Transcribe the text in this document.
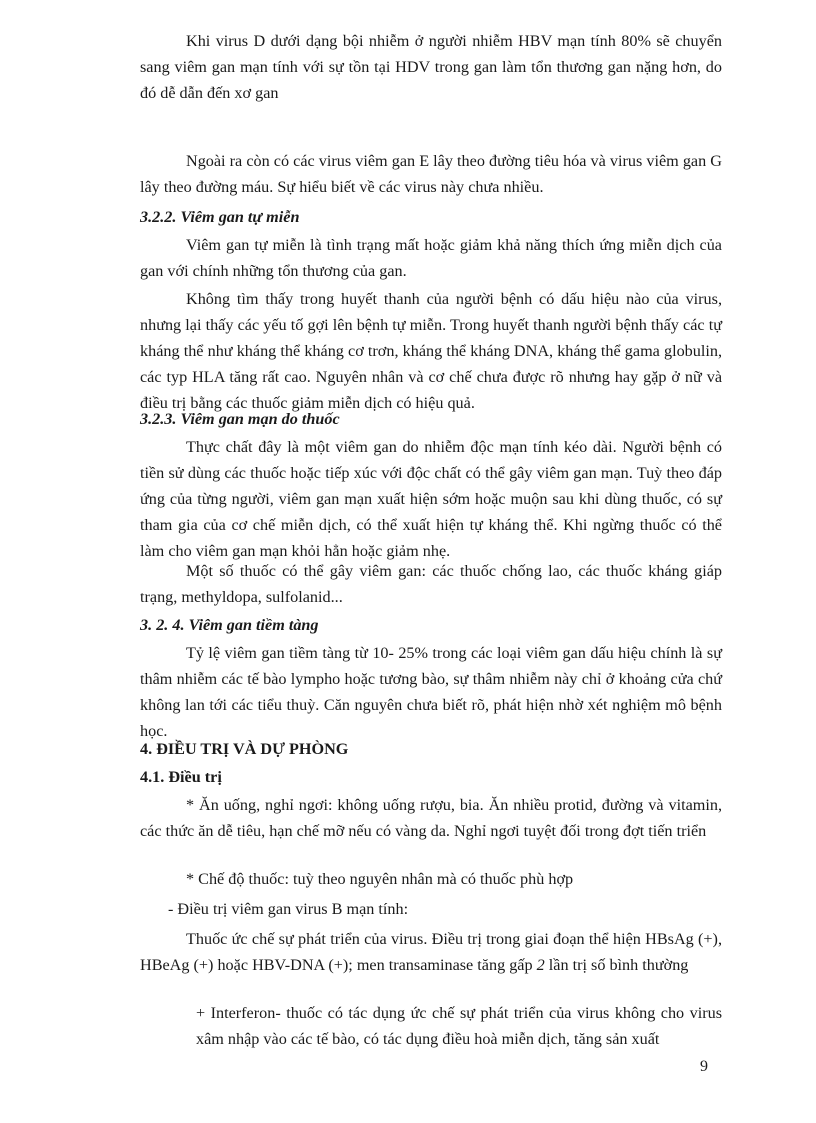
Khi virus D dưới dạng bội nhiễm ở người nhiễm HBV mạn tính 80% sẽ chuyển sang viêm gan mạn tính với sự tồn tại HDV trong gan làm tổn thương gan nặng hơn, do đó dễ dẫn đến xơ gan

Ngoài ra còn có các virus viêm gan E lây theo đường tiêu hóa và virus viêm gan G lây theo đường máu. Sự hiểu biết về các virus này chưa nhiều.

3.2.2. Viêm gan tự miễn

Viêm gan tự miễn là tình trạng mất hoặc giảm khả năng thích ứng miễn dịch của gan với chính những tổn thương của gan.

Không tìm thấy trong huyết thanh của người bệnh có dấu hiệu nào của virus, nhưng lại thấy các yếu tố gợi lên bệnh tự miễn. Trong huyết thanh người bệnh thấy các tự kháng thể như kháng thể kháng cơ trơn, kháng thể kháng DNA, kháng thể gama globulin, các typ HLA tăng rất cao. Nguyên nhân và cơ chế chưa được rõ nhưng hay gặp ở nữ và điều trị bằng các thuốc giảm miễn dịch có hiệu quả.

3.2.3. Viêm gan mạn do thuốc

Thực chất đây là một viêm gan do nhiễm độc mạn tính kéo dài. Người bệnh có tiền sử dùng các thuốc hoặc tiếp xúc với độc chất có thể gây viêm gan mạn. Tuỳ theo đáp ứng của từng người, viêm gan mạn xuất hiện sớm hoặc muộn sau khi dùng thuốc, có sự tham gia của cơ chế miễn dịch, có thể xuất hiện tự kháng thể. Khi ngừng thuốc có thể làm cho viêm gan mạn khỏi hẳn hoặc giảm nhẹ.

Một số thuốc có thể gây viêm gan: các thuốc chống lao, các thuốc kháng giáp trạng, methyldopa, sulfolanid...

3. 2. 4. Viêm gan tiềm tàng

Tỷ lệ viêm gan tiềm tàng từ 10- 25% trong các loại viêm gan dấu hiệu chính là sự thâm nhiễm các tế bào lympho hoặc tương bào, sự thâm nhiễm này chỉ ở khoảng cửa chứ không lan tới các tiểu thuỳ. Căn nguyên chưa biết rõ, phát hiện nhờ xét nghiệm mô bệnh học.

4. ĐIỀU TRỊ VÀ DỰ PHÒNG

4.1. Điều trị

* Ăn uống, nghỉ ngơi: không uống rượu, bia. Ăn nhiều protid, đường và vitamin, các thức ăn dễ tiêu, hạn chế mỡ nếu có vàng da. Nghỉ ngơi tuyệt đối trong đợt tiến triển

* Chế độ thuốc: tuỳ theo nguyên nhân mà có thuốc phù hợp

- Điều trị viêm gan virus B mạn tính:

Thuốc ức chế sự phát triển của virus. Điều trị trong giai đoạn thể hiện HBsAg (+), HBeAg (+) hoặc HBV-DNA (+); men transaminase tăng gấp 2 lần trị số bình thường

+ Interferon- thuốc có tác dụng ức chế sự phát triển của virus không cho virus xâm nhập vào các tế bào, có tác dụng điều hoà miễn dịch, tăng sản xuất

9
